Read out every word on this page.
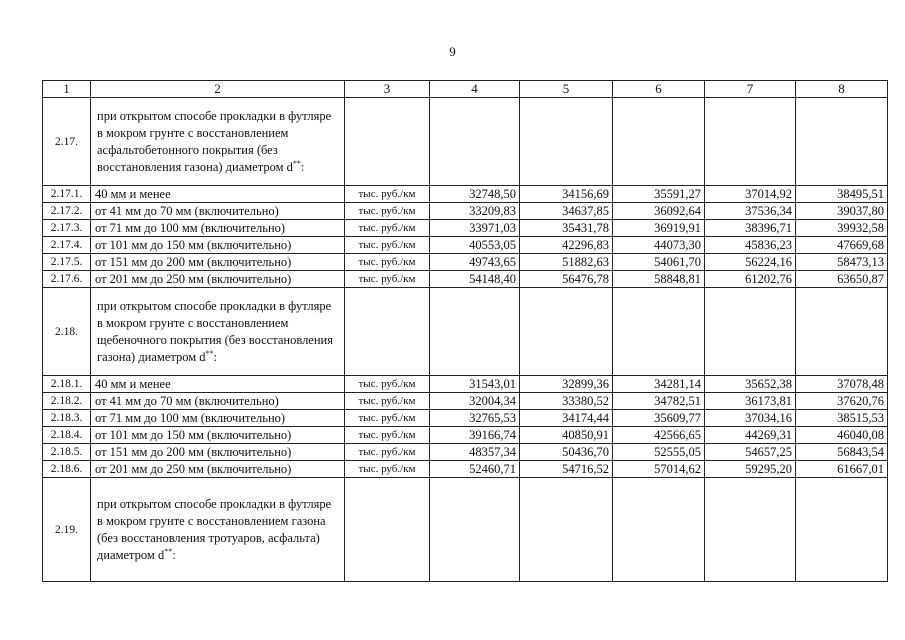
9
1	2	3	4	5	6	7	8
2.17.	при открытом способе прокладки в футляре в мокром грунте с восстановлением асфальтобетонного покрытия (без восстановления газона) диаметром d**:						
2.17.1.	40 мм и менее	тыс. руб./км	32748,50	34156,69	35591,27	37014,92	38495,51
2.17.2.	от 41 мм до 70 мм (включительно)	тыс. руб./км	33209,83	34637,85	36092,64	37536,34	39037,80
2.17.3.	от 71 мм до 100 мм (включительно)	тыс. руб./км	33971,03	35431,78	36919,91	38396,71	39932,58
2.17.4.	от 101 мм до 150 мм (включительно)	тыс. руб./км	40553,05	42296,83	44073,30	45836,23	47669,68
2.17.5.	от 151 мм до 200 мм (включительно)	тыс. руб./км	49743,65	51882,63	54061,70	56224,16	58473,13
2.17.6.	от 201 мм до 250 мм (включительно)	тыс. руб./км	54148,40	56476,78	58848,81	61202,76	63650,87
2.18.	при открытом способе прокладки в футляре в мокром грунте с восстановлением щебеночного покрытия (без восстановления газона) диаметром d**:						
2.18.1.	40 мм и менее	тыс. руб./км	31543,01	32899,36	34281,14	35652,38	37078,48
2.18.2.	от 41 мм до 70 мм (включительно)	тыс. руб./км	32004,34	33380,52	34782,51	36173,81	37620,76
2.18.3.	от 71 мм до 100 мм (включительно)	тыс. руб./км	32765,53	34174,44	35609,77	37034,16	38515,53
2.18.4.	от 101 мм до 150 мм (включительно)	тыс. руб./км	39166,74	40850,91	42566,65	44269,31	46040,08
2.18.5.	от 151 мм до 200 мм (включительно)	тыс. руб./км	48357,34	50436,70	52555,05	54657,25	56843,54
2.18.6.	от 201 мм до 250 мм (включительно)	тыс. руб./км	52460,71	54716,52	57014,62	59295,20	61667,01
2.19.	при открытом способе прокладки в футляре в мокром грунте с восстановлением газона (без восстановления тротуаров, асфальта) диаметром d**:						
